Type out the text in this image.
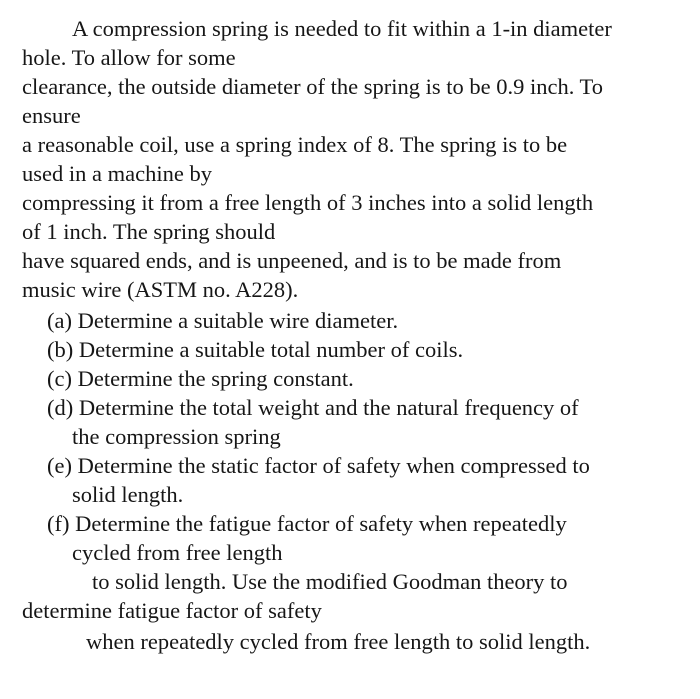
A compression spring is needed to fit within a 1-in diameter
hole. To allow for some
clearance, the outside diameter of the spring is to be 0.9 inch. To
ensure
a reasonable coil, use a spring index of 8. The spring is to be
used in a machine by
compressing it from a free length of 3 inches into a solid length
of 1 inch. The spring should
have squared ends, and is unpeened, and is to be made from
music wire (ASTM no. A228).
(a) Determine a suitable wire diameter.
(b) Determine a suitable total number of coils.
(c) Determine the spring constant.
(d) Determine the total weight and the natural frequency of
the compression spring
(e) Determine the static factor of safety when compressed to
solid length.
(f) Determine the fatigue factor of safety when repeatedly
cycled from free length
to solid length. Use the modified Goodman theory to
determine fatigue factor of safety
when repeatedly cycled from free length to solid length.
